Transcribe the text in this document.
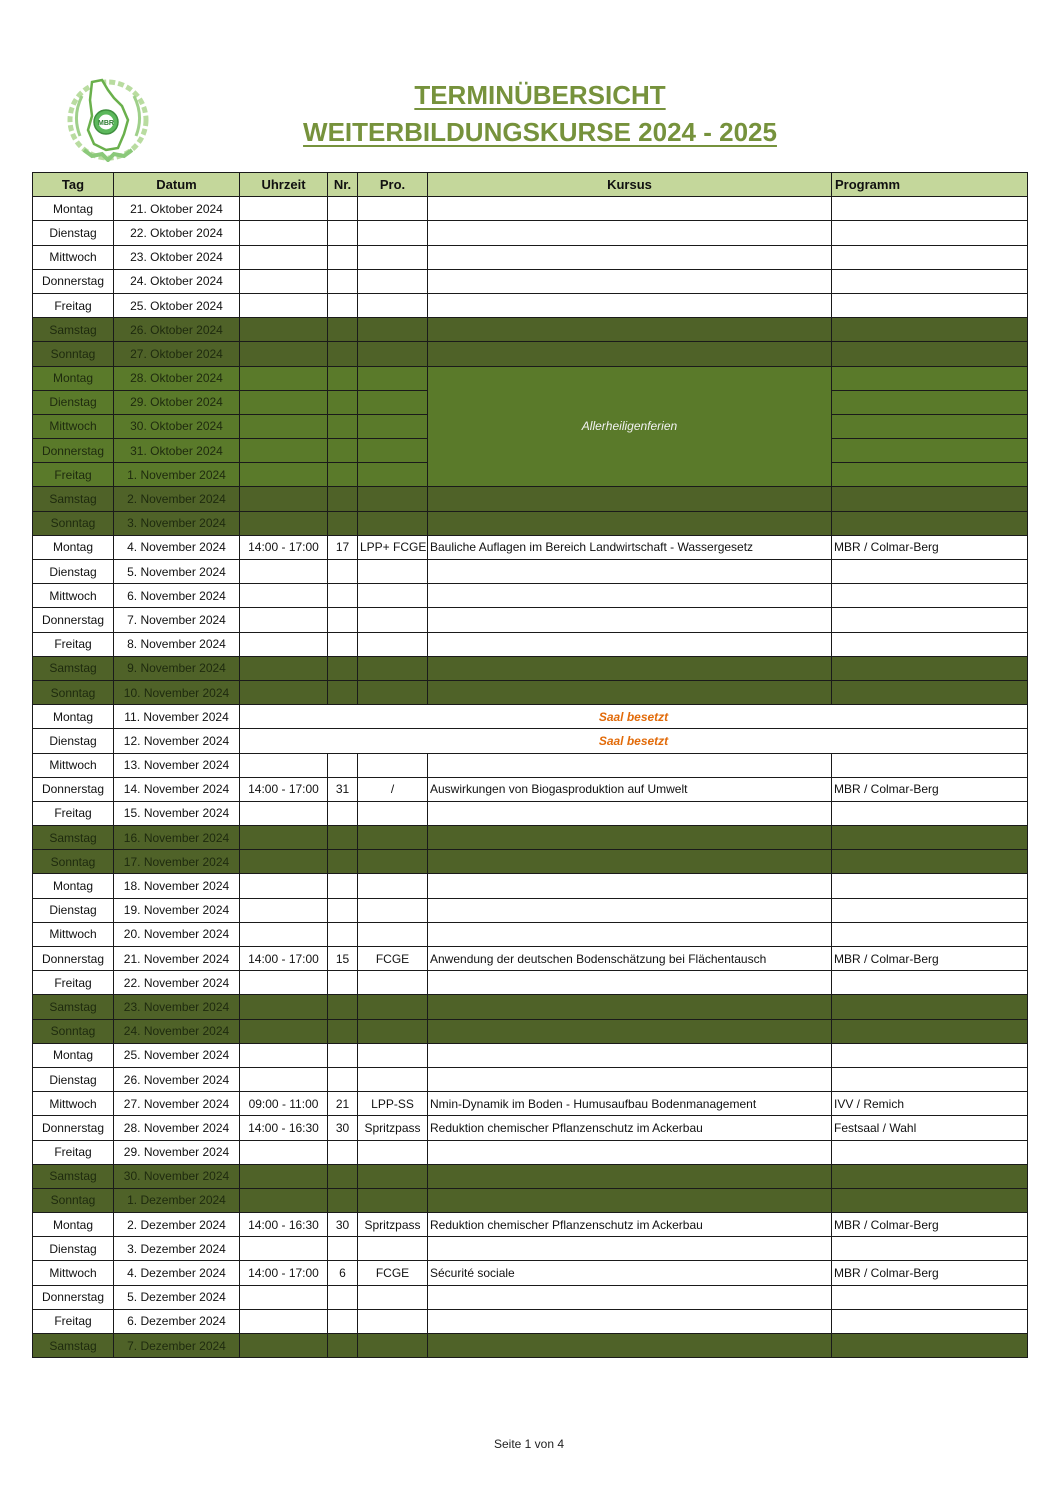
MBR
TERMINÜBERSICHT
WEITERBILDUNGSKURSE 2024 - 2025
Tag	Datum	Uhrzeit	Nr.	Pro.	Kursus	Programm
Montag	21. Oktober 2024					
Dienstag	22. Oktober 2024					
Mittwoch	23. Oktober 2024					
Donnerstag	24. Oktober 2024					
Freitag	25. Oktober 2024					
Samstag	26. Oktober 2024					
Sonntag	27. Oktober 2024					
Montag	28. Oktober 2024				Allerheiligenferien	
Dienstag	29. Oktober 2024					
Mittwoch	30. Oktober 2024					
Donnerstag	31. Oktober 2024					
Freitag	1. November 2024					
Samstag	2. November 2024					
Sonntag	3. November 2024					
Montag	4. November 2024	14:00 - 17:00	17	LPP+ FCGE	Bauliche Auflagen im Bereich Landwirtschaft - Wassergesetz	MBR / Colmar-Berg
Dienstag	5. November 2024					
Mittwoch	6. November 2024					
Donnerstag	7. November 2024					
Freitag	8. November 2024					
Samstag	9. November 2024					
Sonntag	10. November 2024					
Montag	11. November 2024	Saal besetzt				
Dienstag	12. November 2024	Saal besetzt				
Mittwoch	13. November 2024					
Donnerstag	14. November 2024	14:00 - 17:00	31	/	Auswirkungen von Biogasproduktion auf Umwelt	MBR / Colmar-Berg
Freitag	15. November 2024					
Samstag	16. November 2024					
Sonntag	17. November 2024					
Montag	18. November 2024					
Dienstag	19. November 2024					
Mittwoch	20. November 2024					
Donnerstag	21. November 2024	14:00 - 17:00	15	FCGE	Anwendung der deutschen Bodenschätzung bei Flächentausch	MBR / Colmar-Berg
Freitag	22. November 2024					
Samstag	23. November 2024					
Sonntag	24. November 2024					
Montag	25. November 2024					
Dienstag	26. November 2024					
Mittwoch	27. November 2024	09:00 - 11:00	21	LPP-SS	Nmin-Dynamik im Boden - Humusaufbau Bodenmanagement	IVV / Remich
Donnerstag	28. November 2024	14:00 - 16:30	30	Spritzpass	Reduktion chemischer Pflanzenschutz im Ackerbau	Festsaal / Wahl
Freitag	29. November 2024					
Samstag	30. November 2024					
Sonntag	1. Dezember 2024					
Montag	2. Dezember 2024	14:00 - 16:30	30	Spritzpass	Reduktion chemischer Pflanzenschutz im Ackerbau	MBR / Colmar-Berg
Dienstag	3. Dezember 2024					
Mittwoch	4. Dezember 2024	14:00 - 17:00	6	FCGE	Sécurité sociale	MBR / Colmar-Berg
Donnerstag	5. Dezember 2024					
Freitag	6. Dezember 2024					
Samstag	7. Dezember 2024					
Seite 1 von 4
